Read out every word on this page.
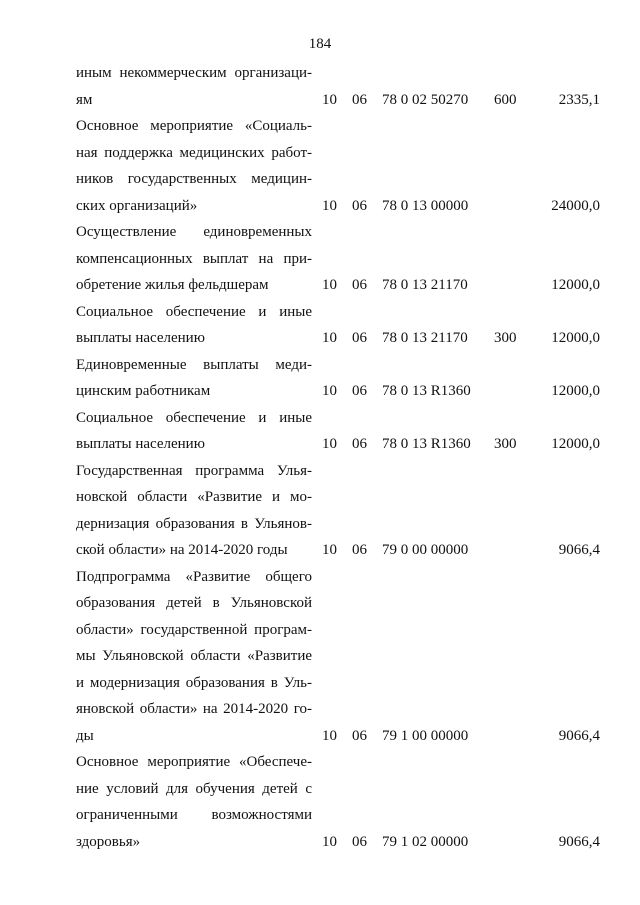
184
иным некоммерческим организаци-
ям	10 06 78 0 02 50270 600	2335,1
Основное мероприятие «Социаль-
ная поддержка медицинских работ-
ников государственных медицин-
ских организаций»	10 06 78 0 13 00000	24000,0
Осуществление единовременных
компенсационных выплат на при-
обретение жилья фельдшерам	10 06 78 0 13 21170	12000,0
Социальное обеспечение и иные
выплаты населению	10 06 78 0 13 21170 300	12000,0
Единовременные выплаты меди-
цинским работникам	10 06 78 0 13 R1360	12000,0
Социальное обеспечение и иные
выплаты населению	10 06 78 0 13 R1360 300	12000,0
Государственная программа Улья-
новской области «Развитие и мо-
дернизация образования в Ульянов-
ской области» на 2014-2020 годы	10 06 79 0 00 00000	9066,4
Подпрограмма «Развитие общего
образования детей в Ульяновской
области» государственной програм-
мы Ульяновской области «Развитие
и модернизация образования в Уль-
яновской области» на 2014-2020 го-
ды	10 06 79 1 00 00000	9066,4
Основное мероприятие «Обеспече-
ние условий для обучения детей с
ограниченными возможностями
здоровья»	10 06 79 1 02 00000	9066,4
